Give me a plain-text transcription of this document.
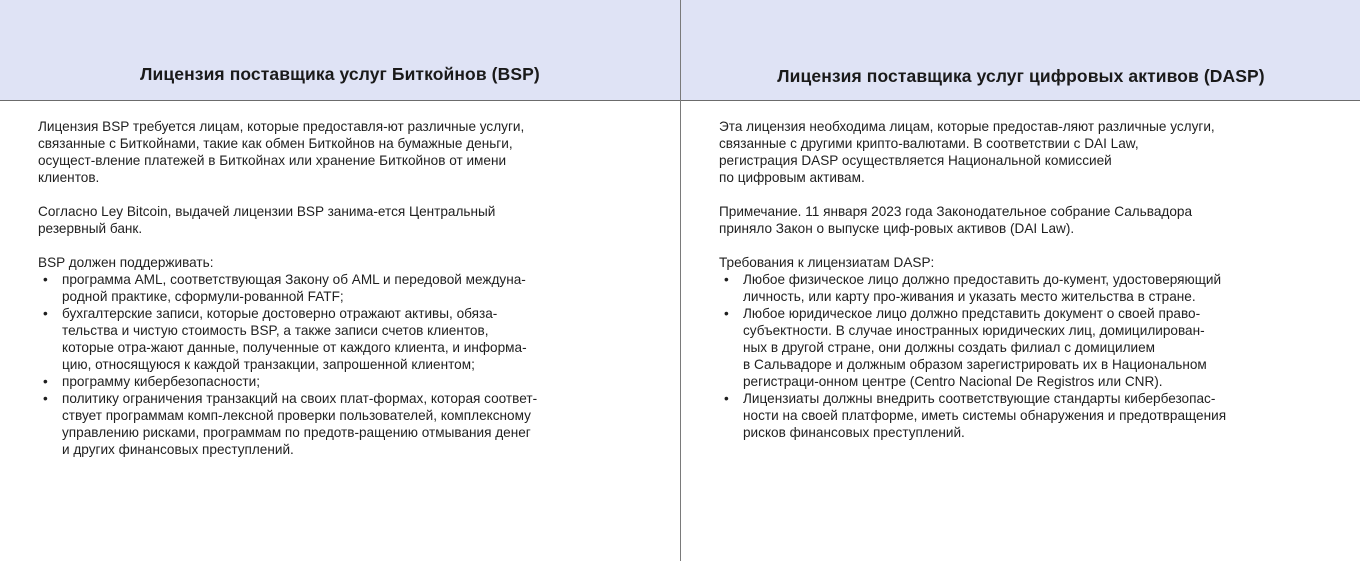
Лицензия поставщика услуг Биткойнов (BSP)

Лицензия BSP требуется лицам, которые предоставля-ют различные услуги,
связанные с Биткойнами, такие как обмен Биткойнов на бумажные деньги,
осущест-вление платежей в Биткойнах или хранение Биткойнов от имени
клиентов.

Согласно Ley Bitcoin, выдачей лицензии BSP занима-ется Центральный
резервный банк.

BSP должен поддерживать:

• программа AML, соответствующая Закону об AML и передовой междуна-
родной практике, сформули-рованной FATF;
• бухгалтерские записи, которые достоверно отражают активы, обяза-
тельства и чистую стоимость BSP, а также записи счетов клиентов,
которые отра-жают данные, полученные от каждого клиента, и информа-
цию, относящуюся к каждой транзакции, запрошенной клиентом;
• программу кибербезопасности;
• политику ограничения транзакций на своих плат-формах, которая соответ-
ствует программам комп-лексной проверки пользователей, комплексному
управлению рисками, программам по предотв-ращению отмывания денег
и других финансовых преступлений.
Лицензия поставщика услуг цифровых активов (DASP)

Эта лицензия необходима лицам, которые предостав-ляют различные услуги,
связанные с другими крипто-валютами. В соответствии с DAI Law,
регистрация DASP осуществляется Национальной комиссией
по цифровым активам.

Примечание. 11 января 2023 года Законодательное собрание Сальвадора
приняло Закон о выпуске циф-ровых активов (DAI Law).

Требования к лицензиатам DASP:

• Любое физическое лицо должно предоставить до-кумент, удостоверяющий
личность, или карту про-живания и указать место жительства в стране.
• Любое юридическое лицо должно представить документ о своей право-
субъектности. В случае иностранных юридических лиц, домицилирован-
ных в другой стране, они должны создать филиал с домицилием
в Сальвадоре и должным образом зарегистрировать их в Национальном
регистраци-онном центре (Centro Nacional De Registros или CNR).
• Лицензиаты должны внедрить соответствующие стандарты кибербезопас-
ности на своей платформе, иметь системы обнаружения и предотвращения
рисков финансовых преступлений.
